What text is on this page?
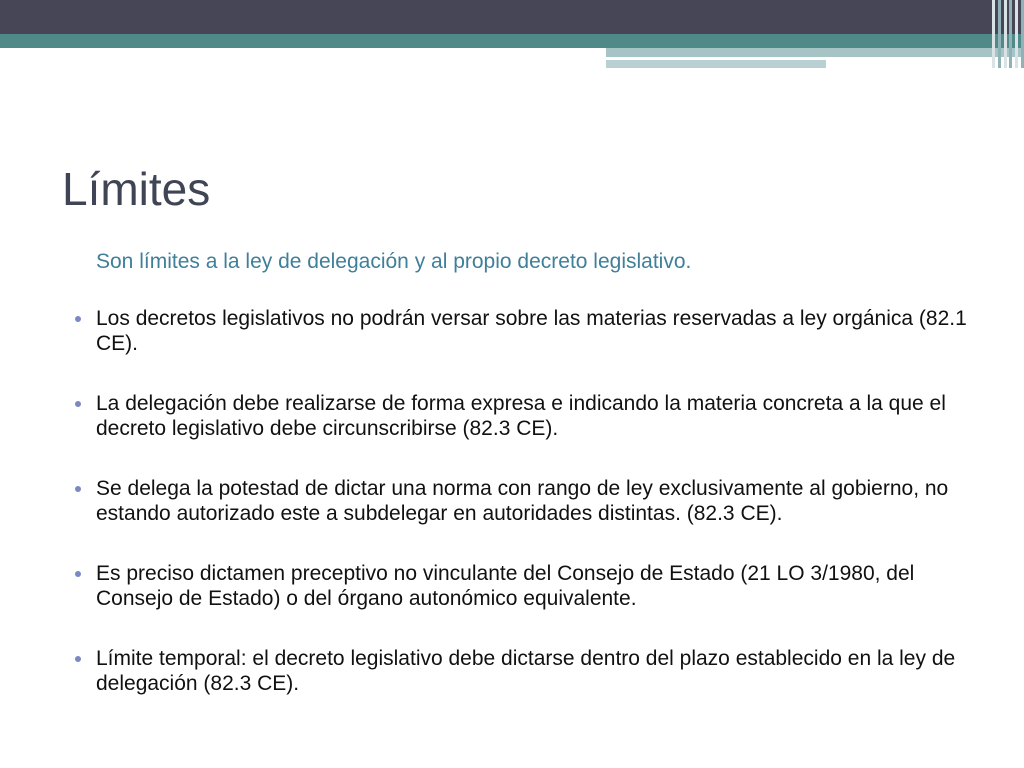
Límites

Son límites a la ley de delegación y al propio decreto legislativo.

Los decretos legislativos no podrán versar sobre las materias reservadas a ley orgánica (82.1 CE).
La delegación debe realizarse de forma expresa e indicando la materia concreta a la que el decreto legislativo debe circunscribirse (82.3 CE).
Se delega la potestad de dictar una norma con rango de ley exclusivamente al gobierno, no estando autorizado este a subdelegar en autoridades distintas. (82.3 CE).
Es preciso dictamen preceptivo no vinculante del Consejo de Estado (21 LO 3/1980, del Consejo de Estado) o del órgano autonómico equivalente.
Límite temporal: el decreto legislativo debe dictarse dentro del plazo establecido en la ley de delegación (82.3 CE).
